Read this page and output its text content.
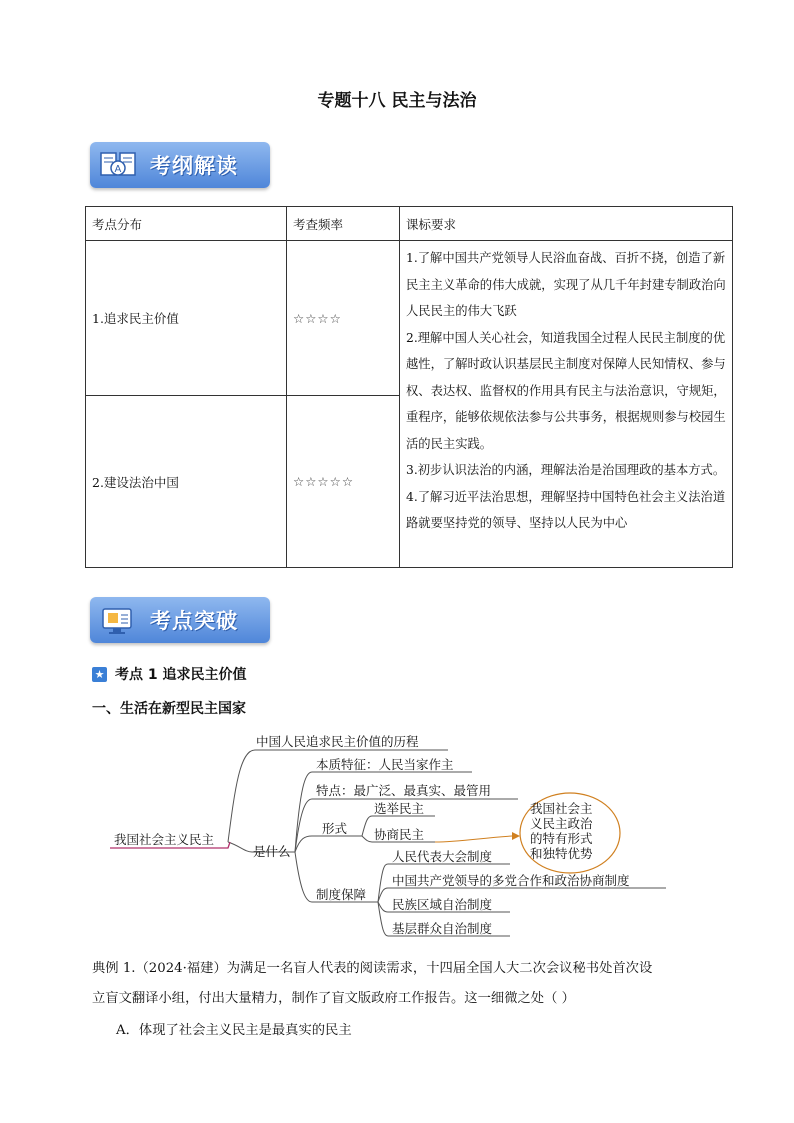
专题十八 民主与法治
A 考纲解读
考点分布	考查频率	课标要求
1.追求民主价值	☆☆☆☆	1.了解中国共产党领导人民浴血奋战、百折不挠，创造了新民主主义革命的伟大成就，实现了从几千年封建专制政治向人民民主的伟大飞跃
2.理解中国人关心社会，知道我国全过程人民民主制度的优越性，了解时政认识基层民主制度对保障人民知情权、参与权、表达权、监督权的作用具有民主与法治意识，守规矩，重程序，能够依规依法参与公共事务，根据规则参与校园生活的民主实践。
3.初步认识法治的内涵，理解法治是治国理政的基本方式。
4.了解习近平法治思想，理解坚持中国特色社会主义法治道路就要坚持党的领导、坚持以人民为中心

2.建设法治中国	☆☆☆☆☆	
考点突破
★ 考点 1 追求民主价值
一、生活在新型民主国家
我国社会主义民主
中国人民追求民主价值的历程
是什么
本质特征：人民当家作主
特点：最广泛、最真实、最管用
形式
选举民主
协商民主
制度保障
人民代表大会制度
中国共产党领导的多党合作和政治协商制度
民族区域自治制度
基层群众自治制度
我国社会主
义民主政治
的特有形式
和独特优势
典例 1.（2024·福建）为满足一名盲人代表的阅读需求，十四届全国人大二次会议秘书处首次设
立盲文翻译小组，付出大量精力，制作了盲文版政府工作报告。这一细微之处（ ）
A．体现了社会主义民主是最真实的民主
